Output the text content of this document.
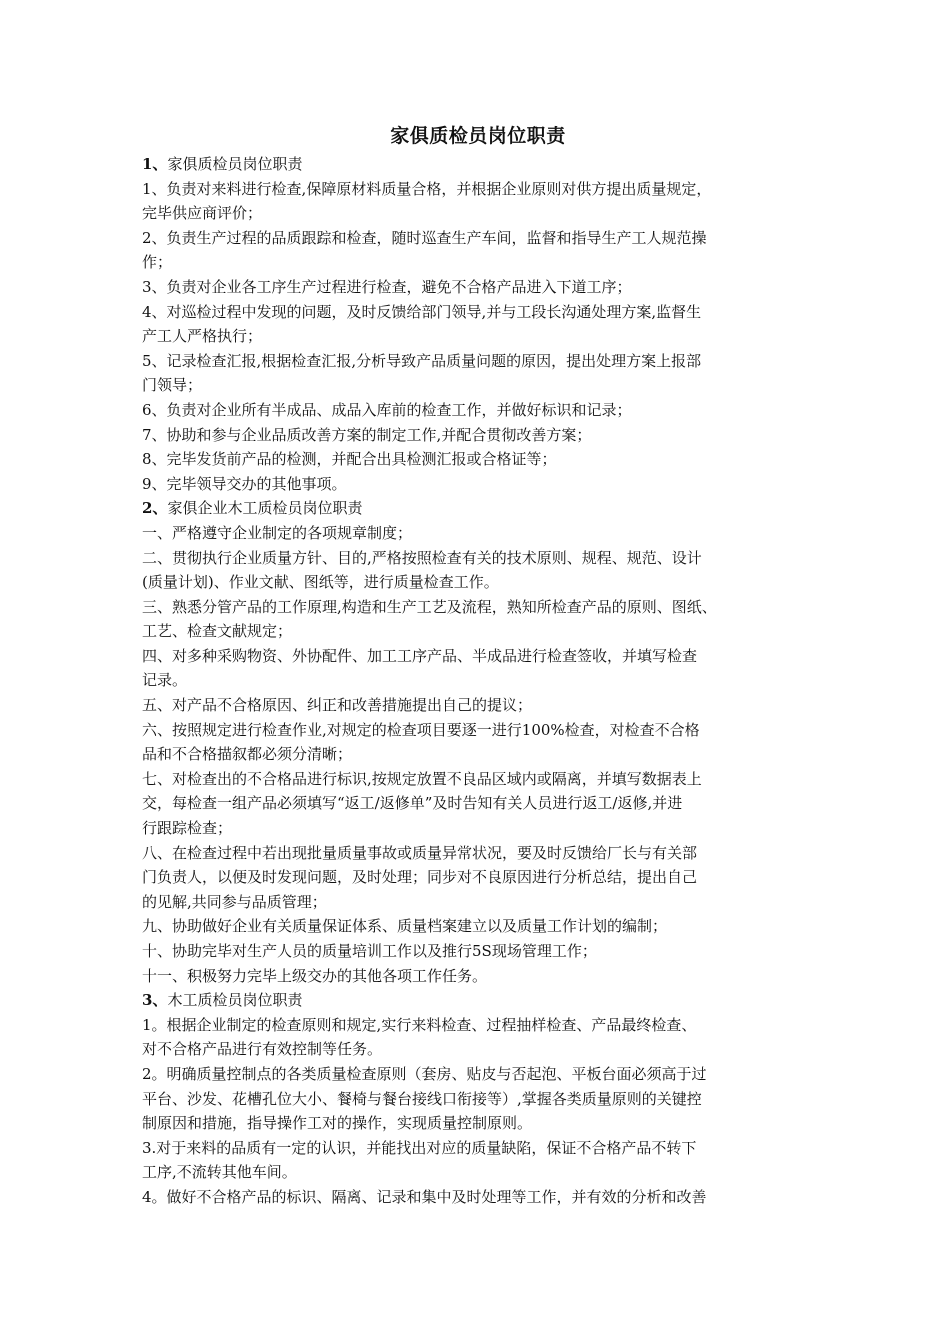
家俱质检员岗位职责

1、家俱质检员岗位职责

1、负责对来料进行检查,保障原材料质量合格，并根据企业原则对供方提出质量规定，

完毕供应商评价；

2、负责生产过程的品质跟踪和检查，随时巡查生产车间，监督和指导生产工人规范操

作；

3、负责对企业各工序生产过程进行检查，避免不合格产品进入下道工序；

4、对巡检过程中发现的问题，及时反馈给部门领导,并与工段长沟通处理方案,监督生

产工人严格执行；

5、记录检查汇报,根据检查汇报,分析导致产品质量问题的原因，提出处理方案上报部

门领导；

6、负责对企业所有半成品、成品入库前的检查工作，并做好标识和记录；

7、协助和参与企业品质改善方案的制定工作,并配合贯彻改善方案；

8、完毕发货前产品的检测，并配合出具检测汇报或合格证等；

9、完毕领导交办的其他事项。

2、家俱企业木工质检员岗位职责

一、严格遵守企业制定的各项规章制度；

二、贯彻执行企业质量方针、目的,严格按照检查有关的技术原则、规程、规范、设计

(质量计划)、作业文献、图纸等，进行质量检查工作。

三、熟悉分管产品的工作原理,构造和生产工艺及流程，熟知所检查产品的原则、图纸、

工艺、检查文献规定；

四、对多种采购物资、外协配件、加工工序产品、半成品进行检查签收，并填写检查

记录。

五、对产品不合格原因、纠正和改善措施提出自己的提议；

六、按照规定进行检查作业,对规定的检查项目要逐一进行100%检查，对检查不合格

品和不合格描叙都必须分清晰；

七、对检查出的不合格品进行标识,按规定放置不良品区域内或隔离，并填写数据表上

交，每检查一组产品必须填写“返工/返修单”及时告知有关人员进行返工/返修,并进

行跟踪检查；

八、在检查过程中若出现批量质量事故或质量异常状况，要及时反馈给厂长与有关部

门负责人，以便及时发现问题，及时处理；同步对不良原因进行分析总结，提出自己

的见解,共同参与品质管理；

九、协助做好企业有关质量保证体系、质量档案建立以及质量工作计划的编制；

十、协助完毕对生产人员的质量培训工作以及推行5S现场管理工作；

十一、积极努力完毕上级交办的其他各项工作任务。

3、木工质检员岗位职责

1。根据企业制定的检查原则和规定,实行来料检查、过程抽样检查、产品最终检查、

对不合格产品进行有效控制等任务。

2。明确质量控制点的各类质量检查原则（套房、贴皮与否起泡、平板台面必须高于过

平台、沙发、花槽孔位大小、餐椅与餐台接线口衔接等）,掌握各类质量原则的关键控

制原因和措施，指导操作工对的操作，实现质量控制原则。

3.对于来料的品质有一定的认识，并能找出对应的质量缺陷，保证不合格产品不转下

工序,不流转其他车间。

4。做好不合格产品的标识、隔离、记录和集中及时处理等工作，并有效的分析和改善
